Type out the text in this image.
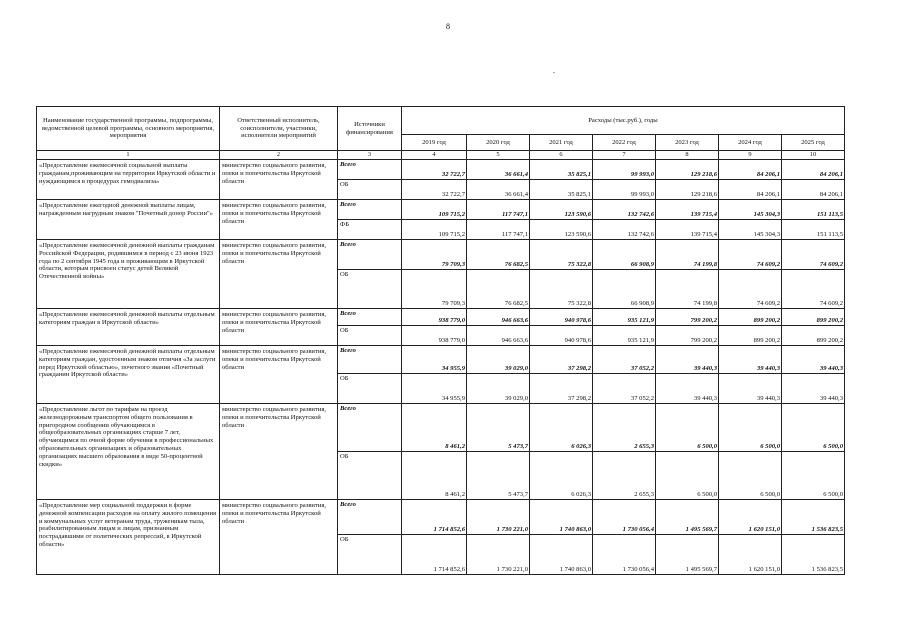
8
.
Наименование государственной программы, подпрограммы, ведомственной целевой программы, основного мероприятия, мероприятия	Ответственный исполнитель, соисполнители, участники, исполнители мероприятий	Источники финансирования	Расходы (тыс.руб.), годы						
			2019 год	2020 год	2021 год	2022 год	2023 год	2024 год	2025 год
1	2	3	4	5	6	7	8	9	10
«Предоставление ежемесячной социальной выплаты гражданам,проживающим на территории Иркутской области и нуждающимся в процедурах гемодиализа»	министерство социального развития, опеки и попечительства Иркутской области	Всего	32 722,7	36 661,4	35 825,1	99 993,0	129 218,6	84 206,1	84 206,1
		ОБ	32 722,7	36 661,4	35 825,1	99 993,0	129 218,6	84 206,1	84 206,1
«Предоставление ежегодной денежной выплаты лицам, награжденным нагрудным знаком "Почетный донор России"»	министерство социального развития, опеки и попечительства Иркутской области	Всего	109 715,2	117 747,1	123 590,6	132 742,6	139 715,4	145 304,3	151 113,5
		ФБ	109 715,2	117 747,1	123 590,6	132 742,6	139 715,4	145 304,3	151 113,5
«Предоставление ежемесячной денежной выплаты гражданам Российской Федерации, родившимся в период с 23 июня 1923 года по 2 сентября 1945 года и проживающим в Иркутской области, которым присвоен статус детей Великой Отечественной войны»	министерство социального развития, опеки и попечительства Иркутской области	Всего	79 709,3	76 682,5	75 322,8	66 908,9	74 199,8	74 609,2	74 609,2
		ОБ	79 709,3	76 682,5	75 322,8	66 908,9	74 199,8	74 609,2	74 609,2
«Предоставление ежемесячной денежной выплаты отдельным категориям граждан в Иркутской области»	министерство социального развития, опеки и попечительства Иркутской области	Всего	938 779,0	946 663,6	940 978,6	935 121,9	799 200,2	899 200,2	899 200,2
		ОБ	938 779,0	946 663,6	940 978,6	935 121,9	799 200,2	899 200,2	899 200,2
«Предоставление ежемесячной денежной выплаты отдельным категориям граждан, удостоенным знаком отличия «За заслуги перед Иркутской областью», почетного звания «Почетный гражданин Иркутской области»	министерство социального развития, опеки и попечительства Иркутской области	Всего	34 955,9	39 029,0	37 298,2	37 052,2	39 440,3	39 440,3	39 440,3
		ОБ	34 955,9	39 029,0	37 298,2	37 052,2	39 440,3	39 440,3	39 440,3
«Предоставление льгот по тарифам на проезд железнодорожным транспортом общего пользования в пригородном сообщении обучающимся в общеобразовательных организациях старше 7 лет, обучающимся по очной форме обучения в профессиональных образовательных организациях и образовательных организациях высшего образования в виде 50-процентной скидки»	министерство социального развития, опеки и попечительства Иркутской области	Всего	8 461,2	5 473,7	6 026,3	2 655,3	6 500,0	6 500,0	6 500,0
		ОБ	8 461,2	5 473,7	6 026,3	2 655,3	6 500,0	6 500,0	6 500,0
«Предоставление мер социальной поддержки в форме денежной компенсации расходов на оплату жилого помещения и коммунальных услуг ветеранам труда, труженикам тыла, реабилитированным лицам и лицам, признанным пострадавшими от политических репрессий, в Иркутской области»	министерство социального развития, опеки и попечительства Иркутской области	Всего	1 714 852,6	1 730 221,0	1 740 863,0	1 730 056,4	1 495 569,7	1 620 151,0	1 536 823,5
		ОБ	1 714 852,6	1 730 221,0	1 740 863,0	1 730 056,4	1 495 569,7	1 620 151,0	1 536 823,5
